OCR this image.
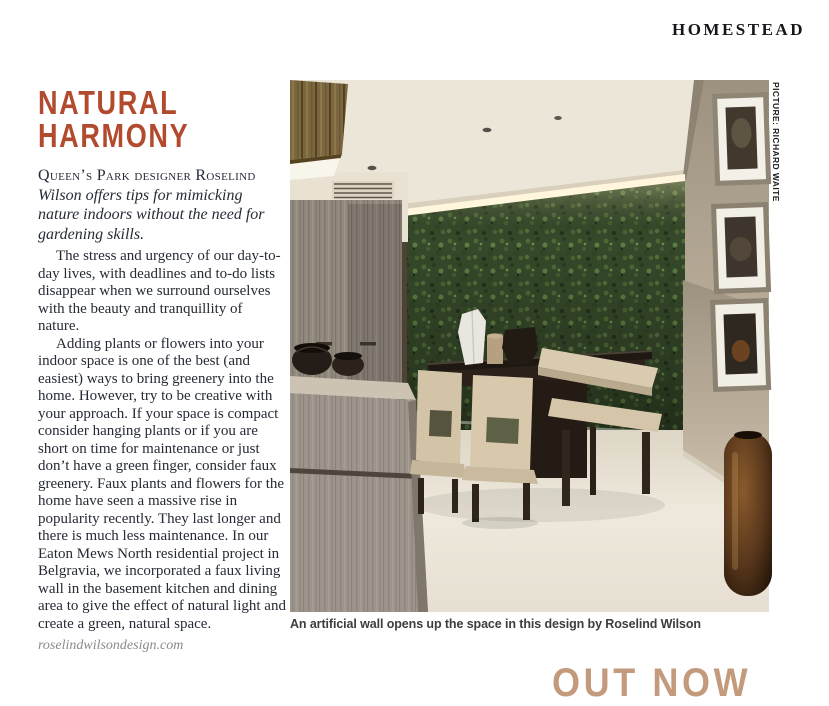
HOMESTEAD
NATURAL
HARMONY

Queen’s Park designer Roselind Wilson offers tips for mimicking nature indoors without the need for gardening skills.

The stress and urgency of our day-to-day lives, with deadlines and to-do lists disappear when we surround ourselves with the beauty and tranquillity of nature.

Adding plants or flowers into your indoor space is one of the best (and easiest) ways to bring greenery into the home. However, try to be creative with your approach. If your space is compact consider hanging plants or if you are short on time for maintenance or just don’t have a green finger, consider faux greenery. Faux plants and flowers for the home have seen a massive rise in popularity recently. They last longer and there is much less maintenance. In our Eaton Mews North residential project in Belgravia, we incorporated a faux living wall in the basement kitchen and dining area to give the effect of natural light and create a green, natural space.

roselindwilsondesign.com
PICTURE: RICHARD WAITE
An artificial wall opens up the space in this design by Roselind Wilson
OUT NOW
